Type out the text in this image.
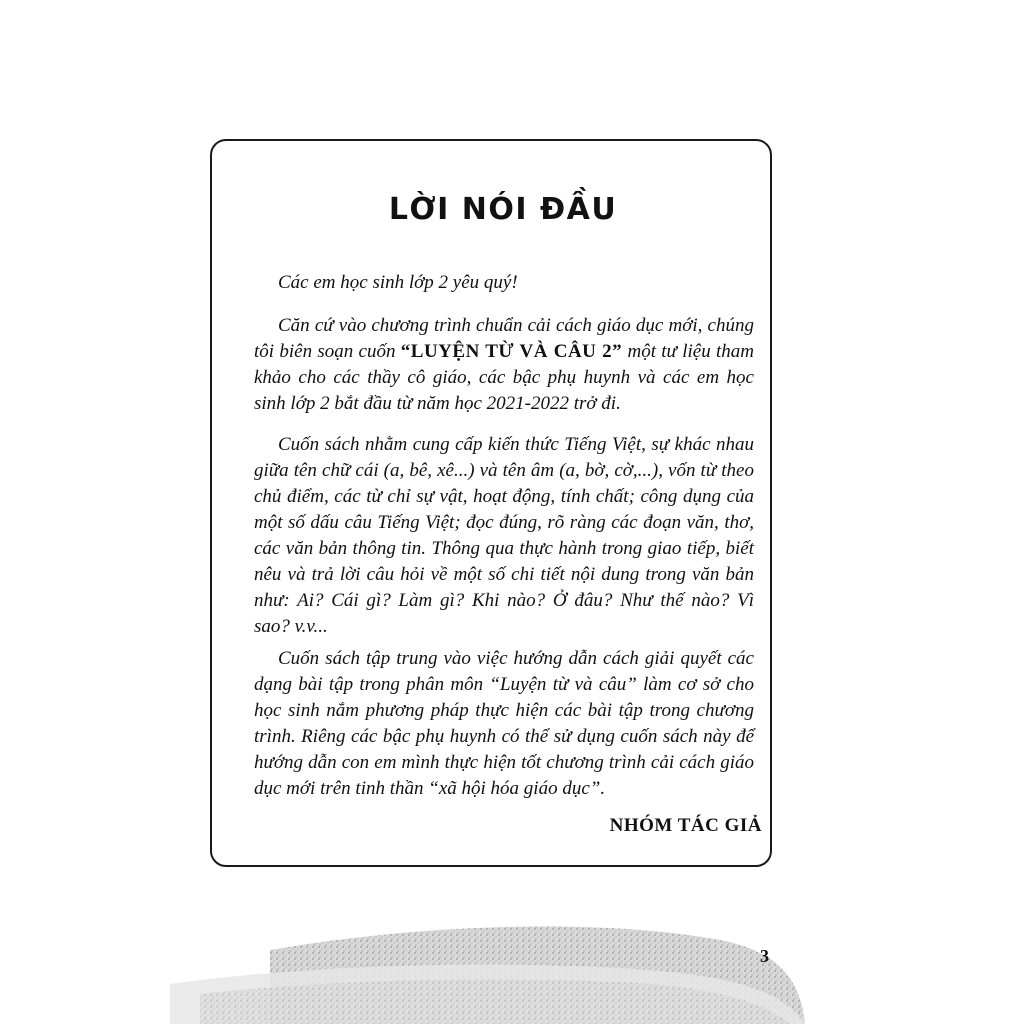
LỜI NÓI ĐẦU

Các em học sinh lớp 2 yêu quý!

Căn cứ vào chương trình chuẩn cải cách giáo dục mới, chúng tôi biên soạn cuốn “LUYỆN TỪ VÀ CÂU 2” một tư liệu tham khảo cho các thầy cô giáo, các bậc phụ huynh và các em học sinh lớp 2 bắt đầu từ năm học 2021-2022 trở đi.

Cuốn sách nhằm cung cấp kiến thức Tiếng Việt, sự khác nhau giữa tên chữ cái (a, bê, xê...) và tên âm (a, bờ, cờ,...), vốn từ theo chủ điểm, các từ chỉ sự vật, hoạt động, tính chất; công dụng của một số dấu câu Tiếng Việt; đọc đúng, rõ ràng các đoạn văn, thơ, các văn bản thông tin. Thông qua thực hành trong giao tiếp, biết nêu và trả lời câu hỏi về một số chi tiết nội dung trong văn bản như: Ai? Cái gì? Làm gì? Khi nào? Ở đâu? Như thế nào? Vì sao? v.v...

Cuốn sách tập trung vào việc hướng dẫn cách giải quyết các dạng bài tập trong phân môn “Luyện từ và câu” làm cơ sở cho học sinh nắm phương pháp thực hiện các bài tập trong chương trình. Riêng các bậc phụ huynh có thể sử dụng cuốn sách này để hướng dẫn con em mình thực hiện tốt chương trình cải cách giáo dục mới trên tinh thần “xã hội hóa giáo dục”.

NHÓM TÁC GIẢ

3
